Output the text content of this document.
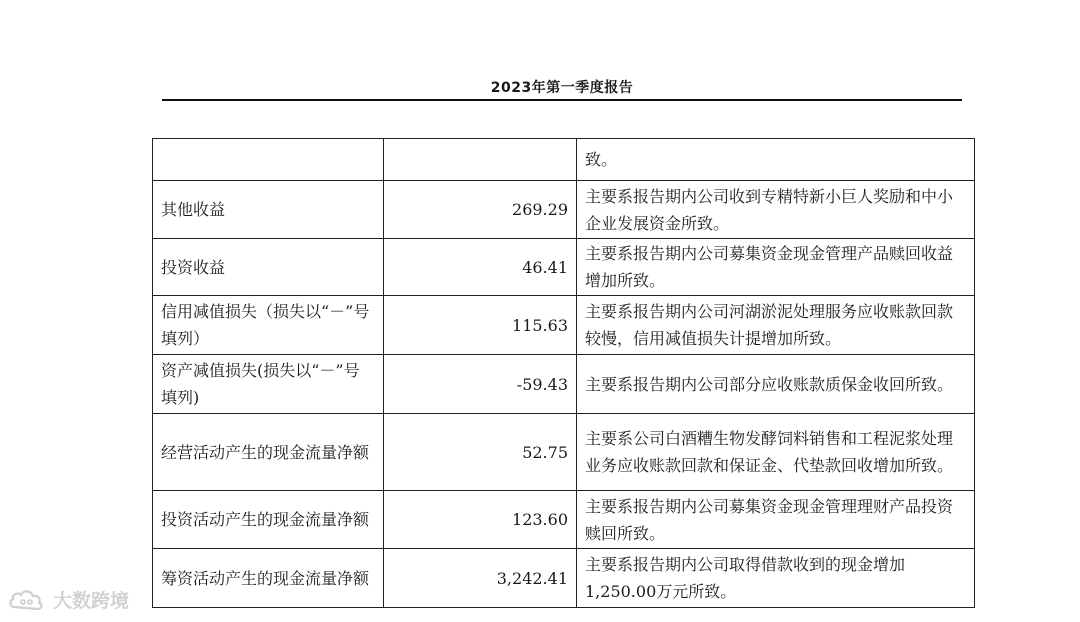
2023年第一季度报告
		致。
其他收益	269.29	主要系报告期内公司收到专精特新小巨人奖励和中小企业发展资金所致。
投资收益	46.41	主要系报告期内公司募集资金现金管理产品赎回收益增加所致。
信用减值损失（损失以“－”号填列）	115.63	主要系报告期内公司河湖淤泥处理服务应收账款回款较慢，信用减值损失计提增加所致。
资产减值损失(损失以“－”号填列)	-59.43	主要系报告期内公司部分应收账款质保金收回所致。
经营活动产生的现金流量净额	52.75	主要系公司白酒糟生物发酵饲料销售和工程泥浆处理业务应收账款回款和保证金、代垫款回收增加所致。
投资活动产生的现金流量净额	123.60	主要系报告期内公司募集资金现金管理理财产品投资赎回所致。
筹资活动产生的现金流量净额	3,242.41	主要系报告期内公司取得借款收到的现金增加1,250.00万元所致。
大数跨境
